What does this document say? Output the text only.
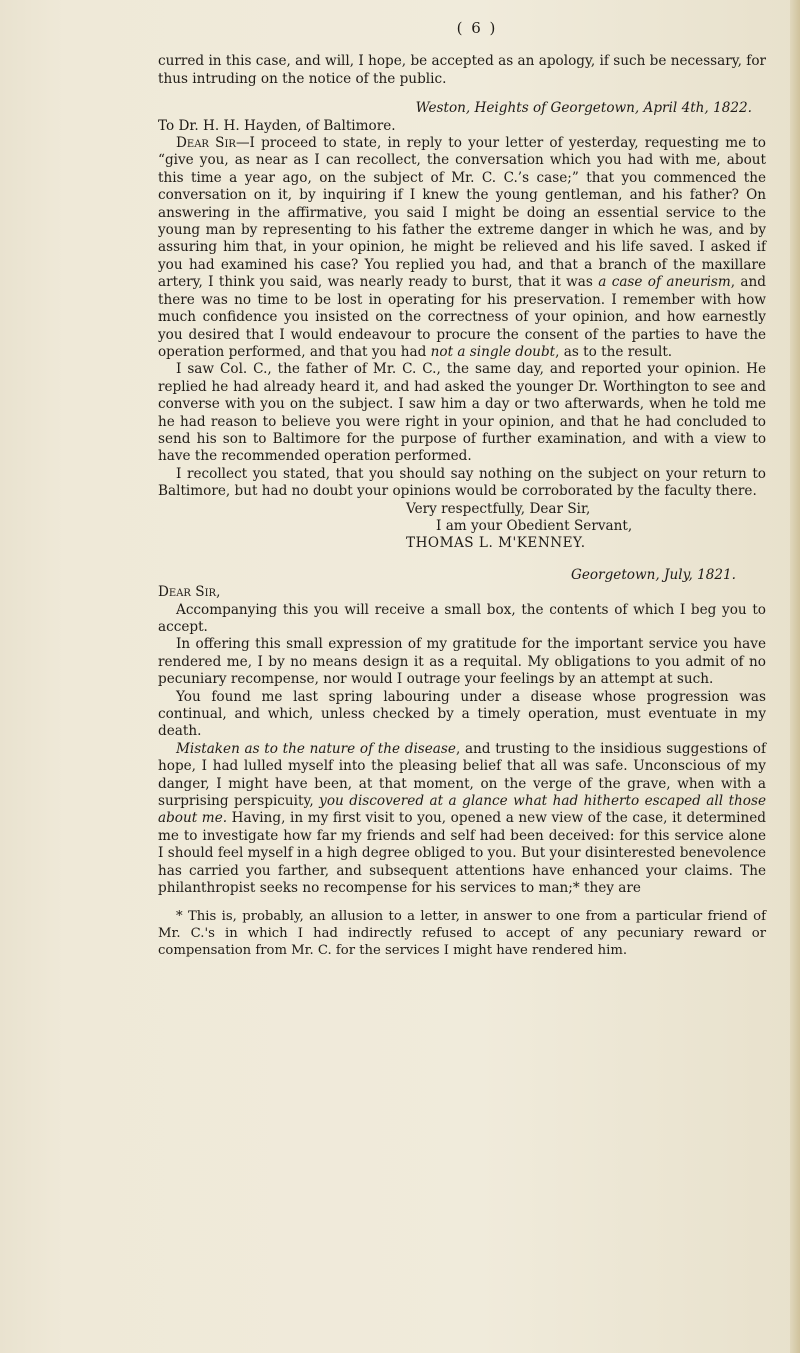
( 6 )

curred in this case, and will, I hope, be accepted as an apology, if such be necessary, for thus intruding on the notice of the public.

Weston, Heights of Georgetown, April 4th, 1822.

To Dr. H. H. Hayden, of Baltimore.

Dear Sir—I proceed to state, in reply to your letter of yesterday, requesting me to “give you, as near as I can recollect, the conversation which you had with me, about this time a year ago, on the subject of Mr. C. C.’s case;” that you commenced the conversation on it, by inquiring if I knew the young gentleman, and his father? On answering in the affirmative, you said I might be doing an essential service to the young man by representing to his father the extreme danger in which he was, and by assuring him that, in your opinion, he might be relieved and his life saved. I asked if you had examined his case? You replied you had, and that a branch of the maxillare artery, I think you said, was nearly ready to burst, that it was a case of aneurism, and there was no time to be lost in operating for his preservation. I remember with how much confidence you insisted on the correctness of your opinion, and how earnestly you desired that I would endeavour to procure the consent of the parties to have the operation performed, and that you had not a single doubt, as to the result.

I saw Col. C., the father of Mr. C. C., the same day, and reported your opinion. He replied he had already heard it, and had asked the younger Dr. Worthington to see and converse with you on the subject. I saw him a day or two afterwards, when he told me he had reason to believe you were right in your opinion, and that he had concluded to send his son to Baltimore for the purpose of further examination, and with a view to have the recommended operation performed.

I recollect you stated, that you should say nothing on the subject on your return to Baltimore, but had no doubt your opinions would be corroborated by the faculty there.

Very respectfully, Dear Sir,

I am your Obedient Servant,

THOMAS L. M'KENNEY.

Georgetown, July, 1821.

Dear Sir,

Accompanying this you will receive a small box, the contents of which I beg you to accept.

In offering this small expression of my gratitude for the important service you have rendered me, I by no means design it as a requital. My obligations to you admit of no pecuniary recompense, nor would I outrage your feelings by an attempt at such.

You found me last spring labouring under a disease whose progression was continual, and which, unless checked by a timely operation, must eventuate in my death.

Mistaken as to the nature of the disease, and trusting to the insidious suggestions of hope, I had lulled myself into the pleasing belief that all was safe. Unconscious of my danger, I might have been, at that moment, on the verge of the grave, when with a surprising perspicuity, you discovered at a glance what had hitherto escaped all those about me. Having, in my first visit to you, opened a new view of the case, it determined me to investigate how far my friends and self had been deceived: for this service alone I should feel myself in a high degree obliged to you. But your disinterested benevolence has carried you farther, and subsequent attentions have enhanced your claims. The philanthropist seeks no recompense for his services to man;* they are

* This is, probably, an allusion to a letter, in answer to one from a particular friend of Mr. C.'s in which I had indirectly refused to accept of any pecuniary reward or compensation from Mr. C. for the services I might have rendered him.
